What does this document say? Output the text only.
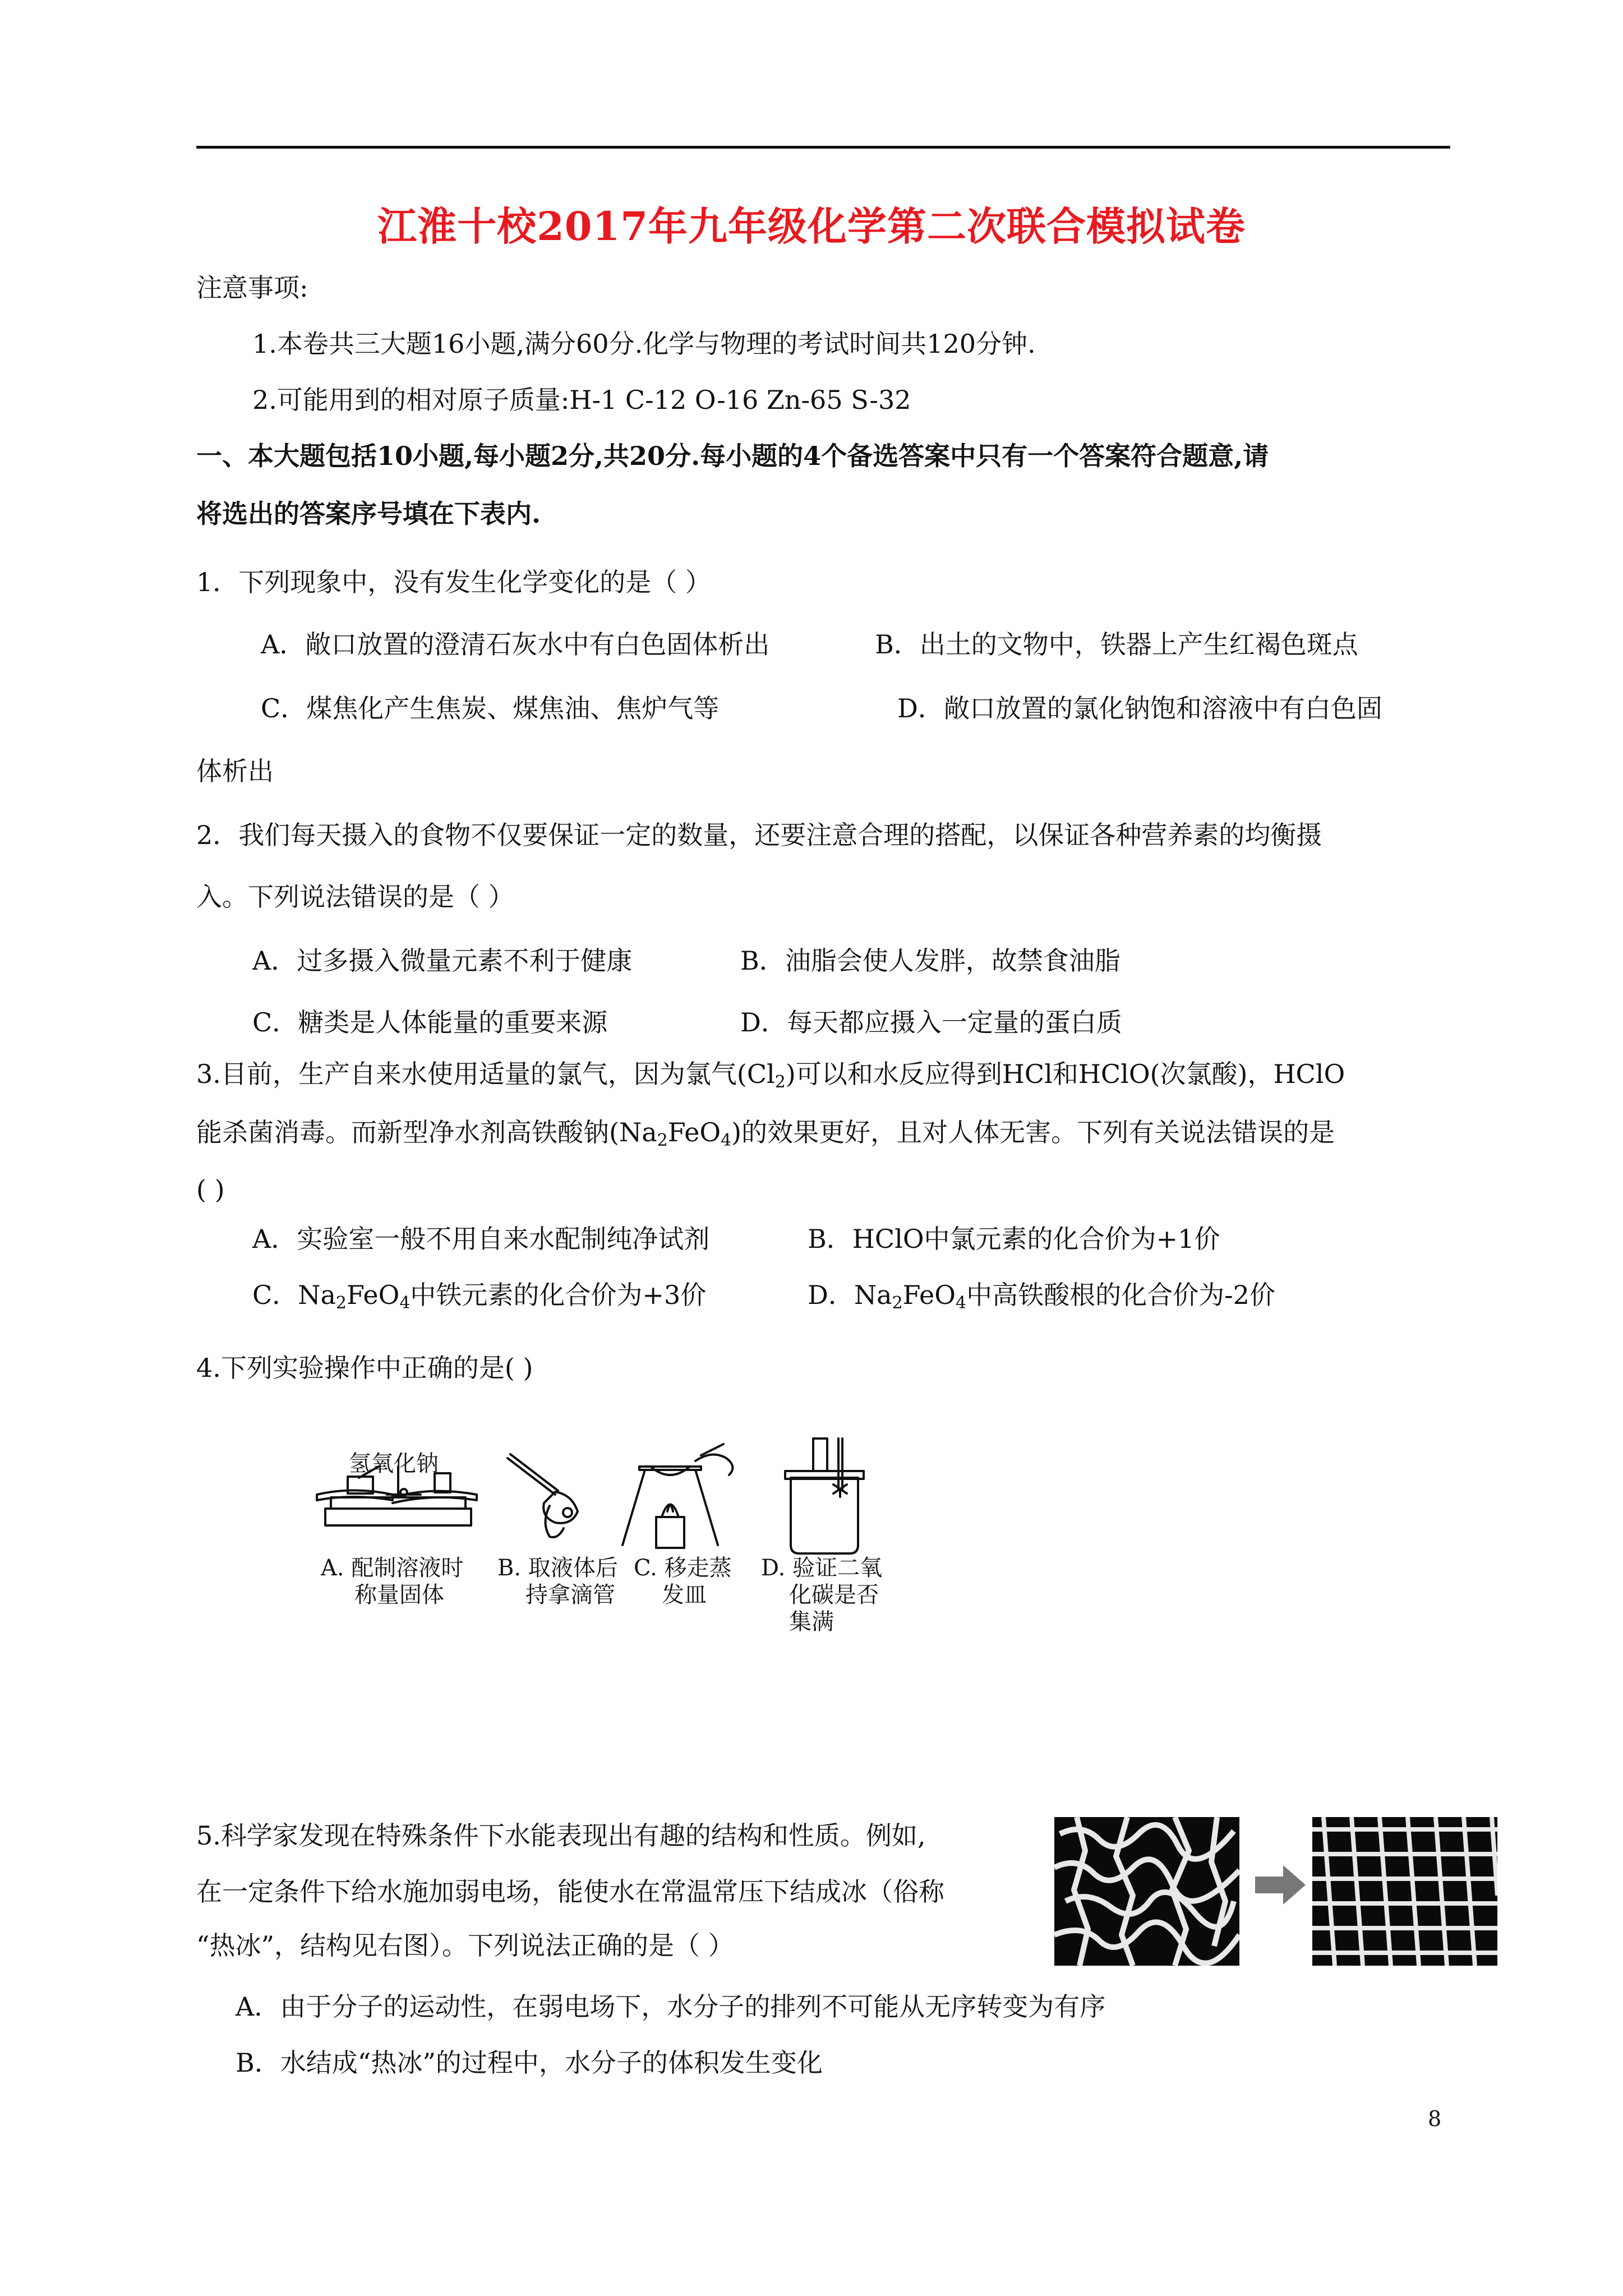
江淮十校2017年九年级化学第二次联合模拟试卷
注意事项:
1.本卷共三大题16小题,满分60分.化学与物理的考试时间共120分钟.
2.可能用到的相对原子质量:H-1 C-12 O-16 Zn-65 S-32
一、本大题包括10小题,每小题2分,共20分.每小题的4个备选答案中只有一个答案符合题意,请
将选出的答案序号填在下表内.
1．下列现象中，没有发生化学变化的是（ ）
A．敞口放置的澄清石灰水中有白色固体析出	B．出土的文物中，铁器上产生红褐色斑点
C．煤焦化产生焦炭、煤焦油、焦炉气等	D．敞口放置的氯化钠饱和溶液中有白色固
体析出
2．我们每天摄入的食物不仅要保证一定的数量，还要注意合理的搭配，以保证各种营养素的均衡摄
入。下列说法错误的是（ ）
A．过多摄入微量元素不利于健康	B．油脂会使人发胖，故禁食油脂
C．糖类是人体能量的重要来源	D．每天都应摄入一定量的蛋白质
3.目前，生产自来水使用适量的氯气，因为氯气$(Cl_2)$可以和水反应得到HCl和HClO(次氯酸)，HClO
能杀菌消毒。而新型净水剂高铁酸钠$(Na_2FeO_4)$的效果更好，且对人体无害。下列有关说法错误的是
( )
A．实验室一般不用自来水配制纯净试剂	B．HClO中氯元素的化合价为+1价
C．$Na_2FeO_4$中铁元素的化合价为+3价	D．$Na_2FeO_4$中高铁酸根的化合价为-2价
4.下列实验操作中正确的是( )
氢氧化钠
A. 配制溶液时
称量固体
B. 取液体后
持拿滴管
C. 移走蒸
发皿
D. 验证二氧
化碳是否
集满
5.科学家发现在特殊条件下水能表现出有趣的结构和性质。例如,
在一定条件下给水施加弱电场，能使水在常温常压下结成冰（俗称
“热冰”，结构见右图）。下列说法正确的是（ ）
A．由于分子的运动性，在弱电场下，水分子的排列不可能从无序转变为有序
B．水结成“热冰”的过程中，水分子的体积发生变化
8
